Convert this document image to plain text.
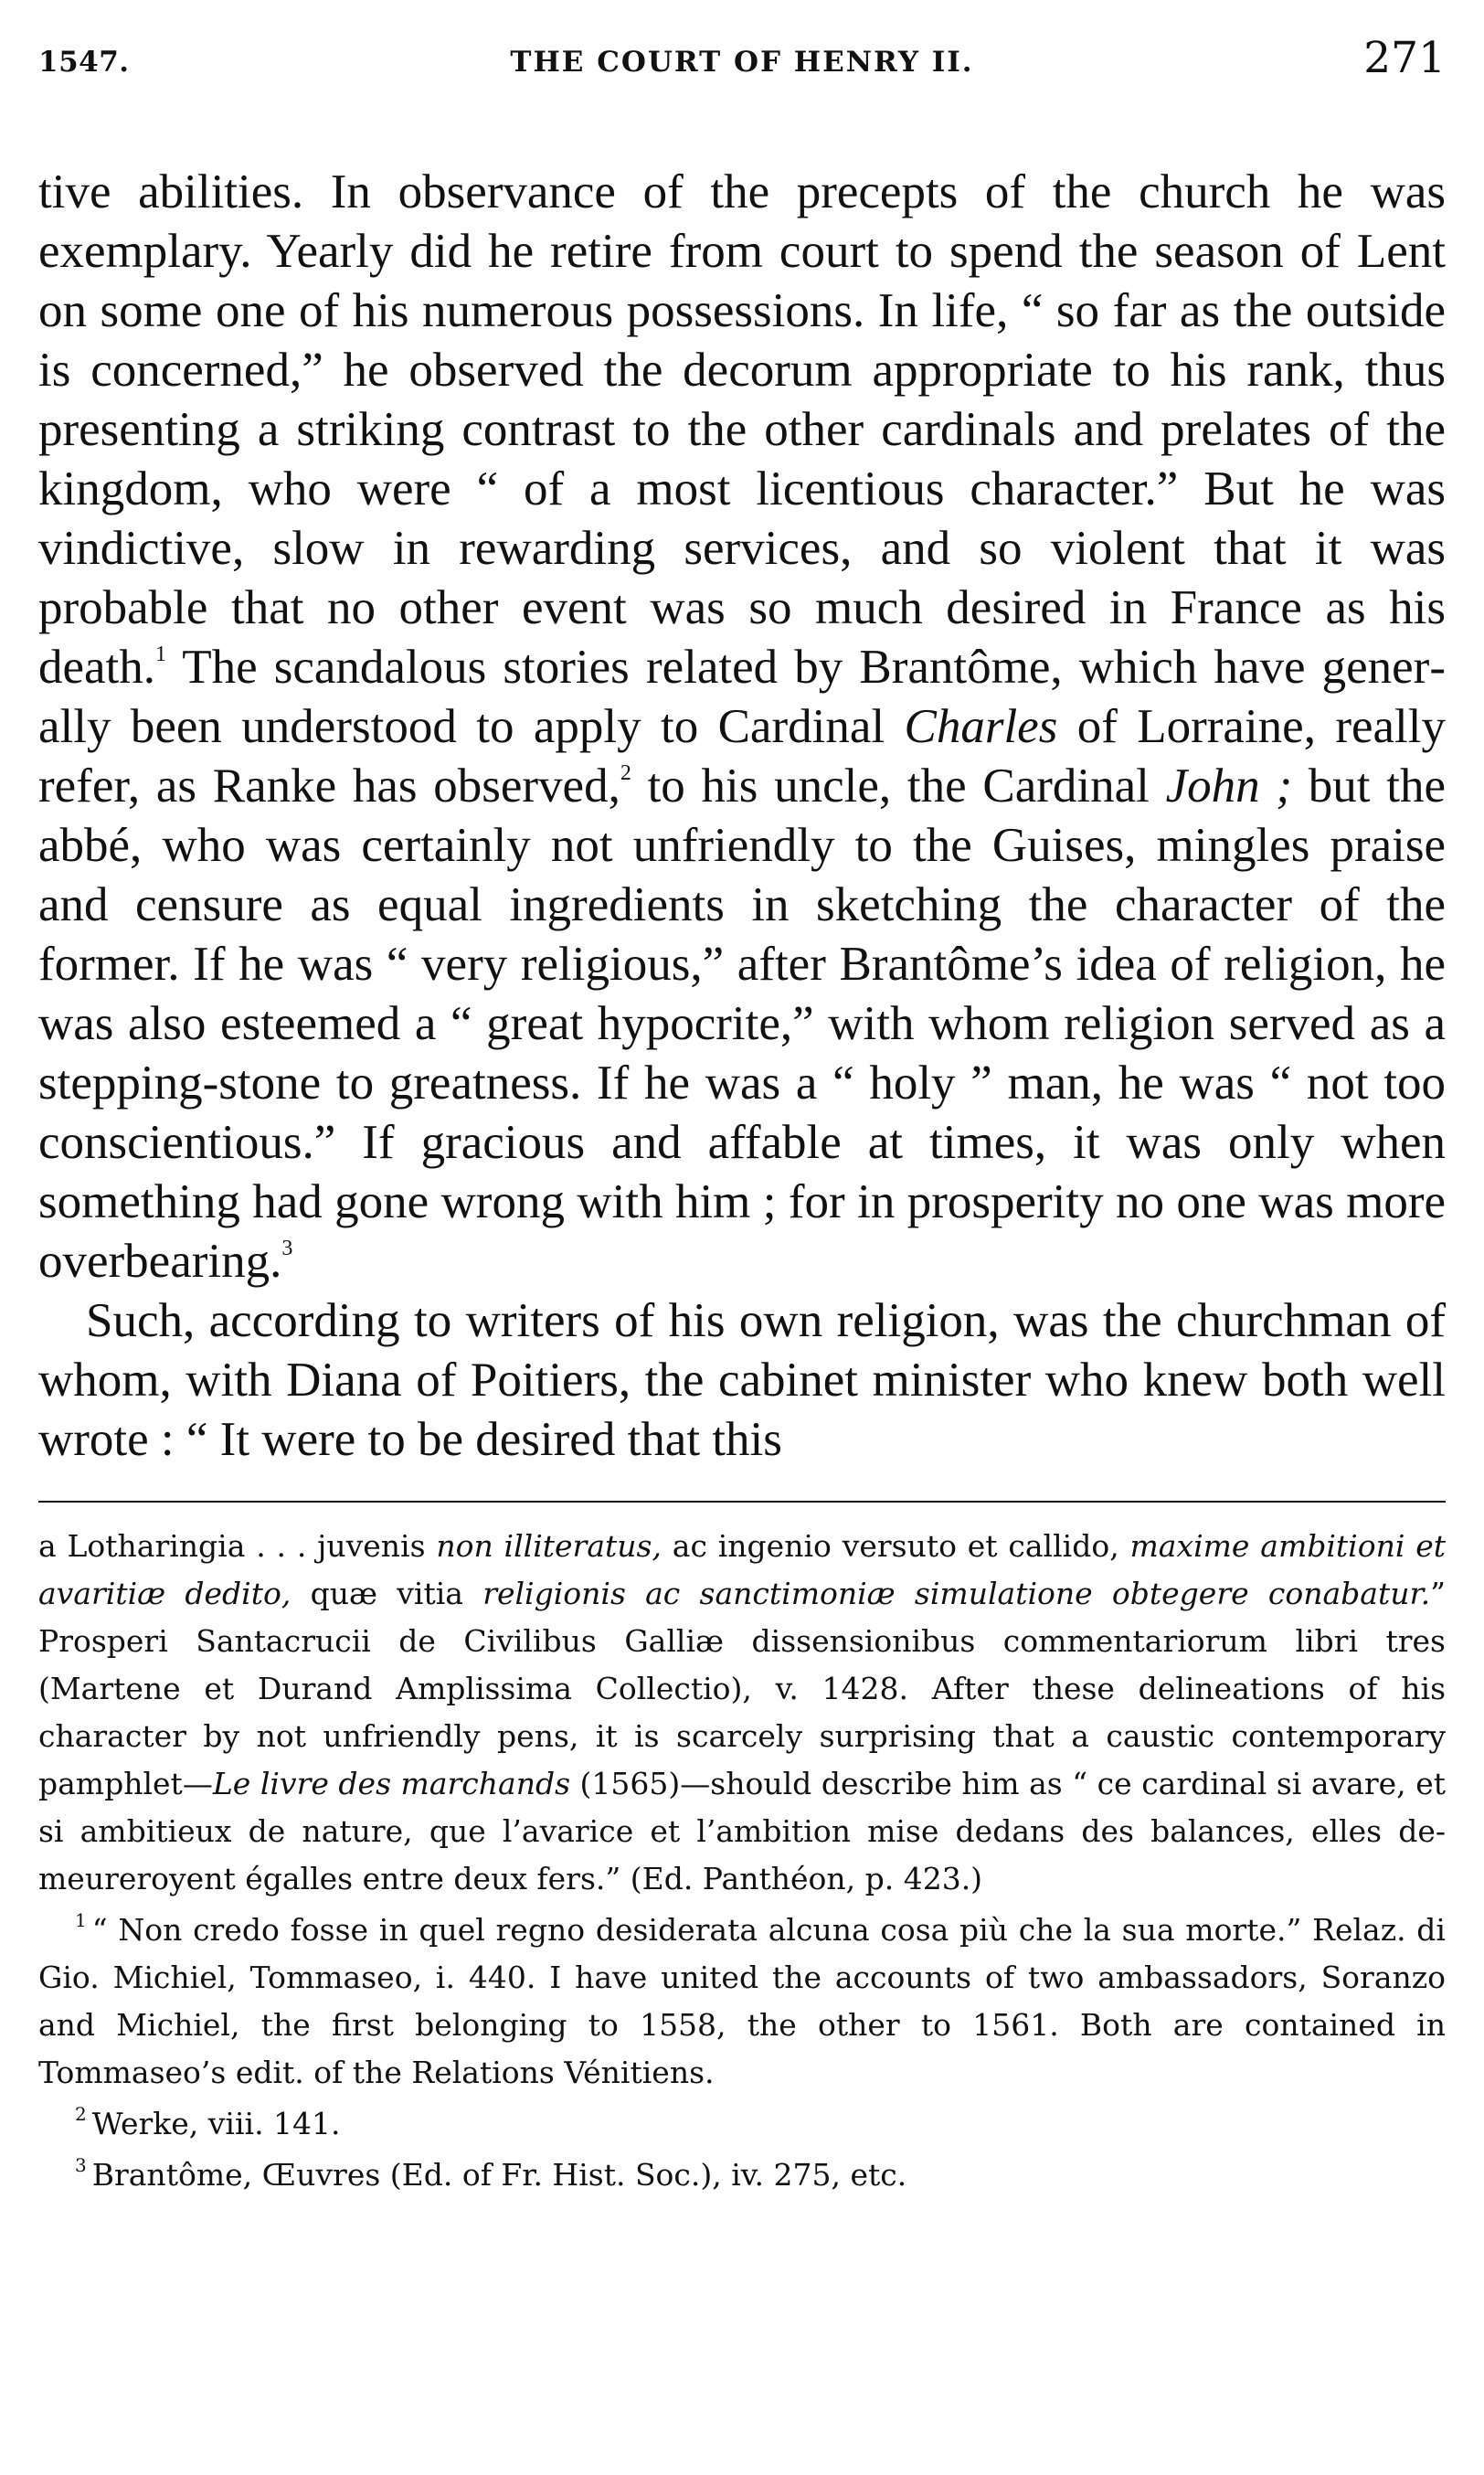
1547.	THE COURT OF HENRY II.	271

tive abilities. In observance of the precepts of the church he was exemplary. Yearly did he retire from court to spend the season of Lent on some one of his numerous possessions. In life, “ so far as the outside is concerned,” he observed the decorum appropriate to his rank, thus presenting a striking contrast to the other cardinals and prelates of the kingdom, who were “ of a most licentious character.” But he was vindictive, slow in rewarding services, and so violent that it was probable that no other event was so much desired in France as his death.$^1$ The scandalous stories related by Brantôme, which have generally been understood to apply to Cardinal Charles of Lorraine, really refer, as Ranke has observed,$^2$ to his uncle, the Cardinal John ; but the abbé, who was certainly not unfriendly to the Guises, mingles praise and censure as equal ingredients in sketching the character of the former. If he was “ very religious,” after Brantôme’s idea of religion, he was also esteemed a “ great hypocrite,” with whom religion served as a stepping-stone to greatness. If he was a “ holy ” man, he was “ not too conscientious.” If gracious and affable at times, it was only when something had gone wrong with him ; for in prosperity no one was more overbearing.$^3$

Such, according to writers of his own religion, was the churchman of whom, with Diana of Poitiers, the cabinet minister who knew both well wrote : “ It were to be desired that this

a Lotharingia . . . juvenis non illiteratus, ac ingenio versuto et callido, maxime ambitioni et avaritiæ dedito, quæ vitia religionis ac sanctimoniæ simulatione obtegere conabatur.” Prosperi Santacrucii de Civilibus Galliæ dissensionibus commentariorum libri tres (Martene et Durand Amplissima Collectio), v. 1428. After these delineations of his character by not unfriendly pens, it is scarcely surprising that a caustic contemporary pamphlet—Le livre des marchands (1565)—should describe him as “ ce cardinal si avare, et si ambitieux de nature, que l’avarice et l’ambition mise dedans des balances, elles demeureroyent égalles entre deux fers.” (Ed. Panthéon, p. 423.)

$^1$ “ Non credo fosse in quel regno desiderata alcuna cosa più che la sua morte.” Relaz. di Gio. Michiel, Tommaseo, i. 440. I have united the accounts of two ambassadors, Soranzo and Michiel, the first belonging to 1558, the other to 1561. Both are contained in Tommaseo’s edit. of the Relations Vénitiens.

$^2$ Werke, viii. 141.

$^3$ Brantôme, Œuvres (Ed. of Fr. Hist. Soc.), iv. 275, etc.
